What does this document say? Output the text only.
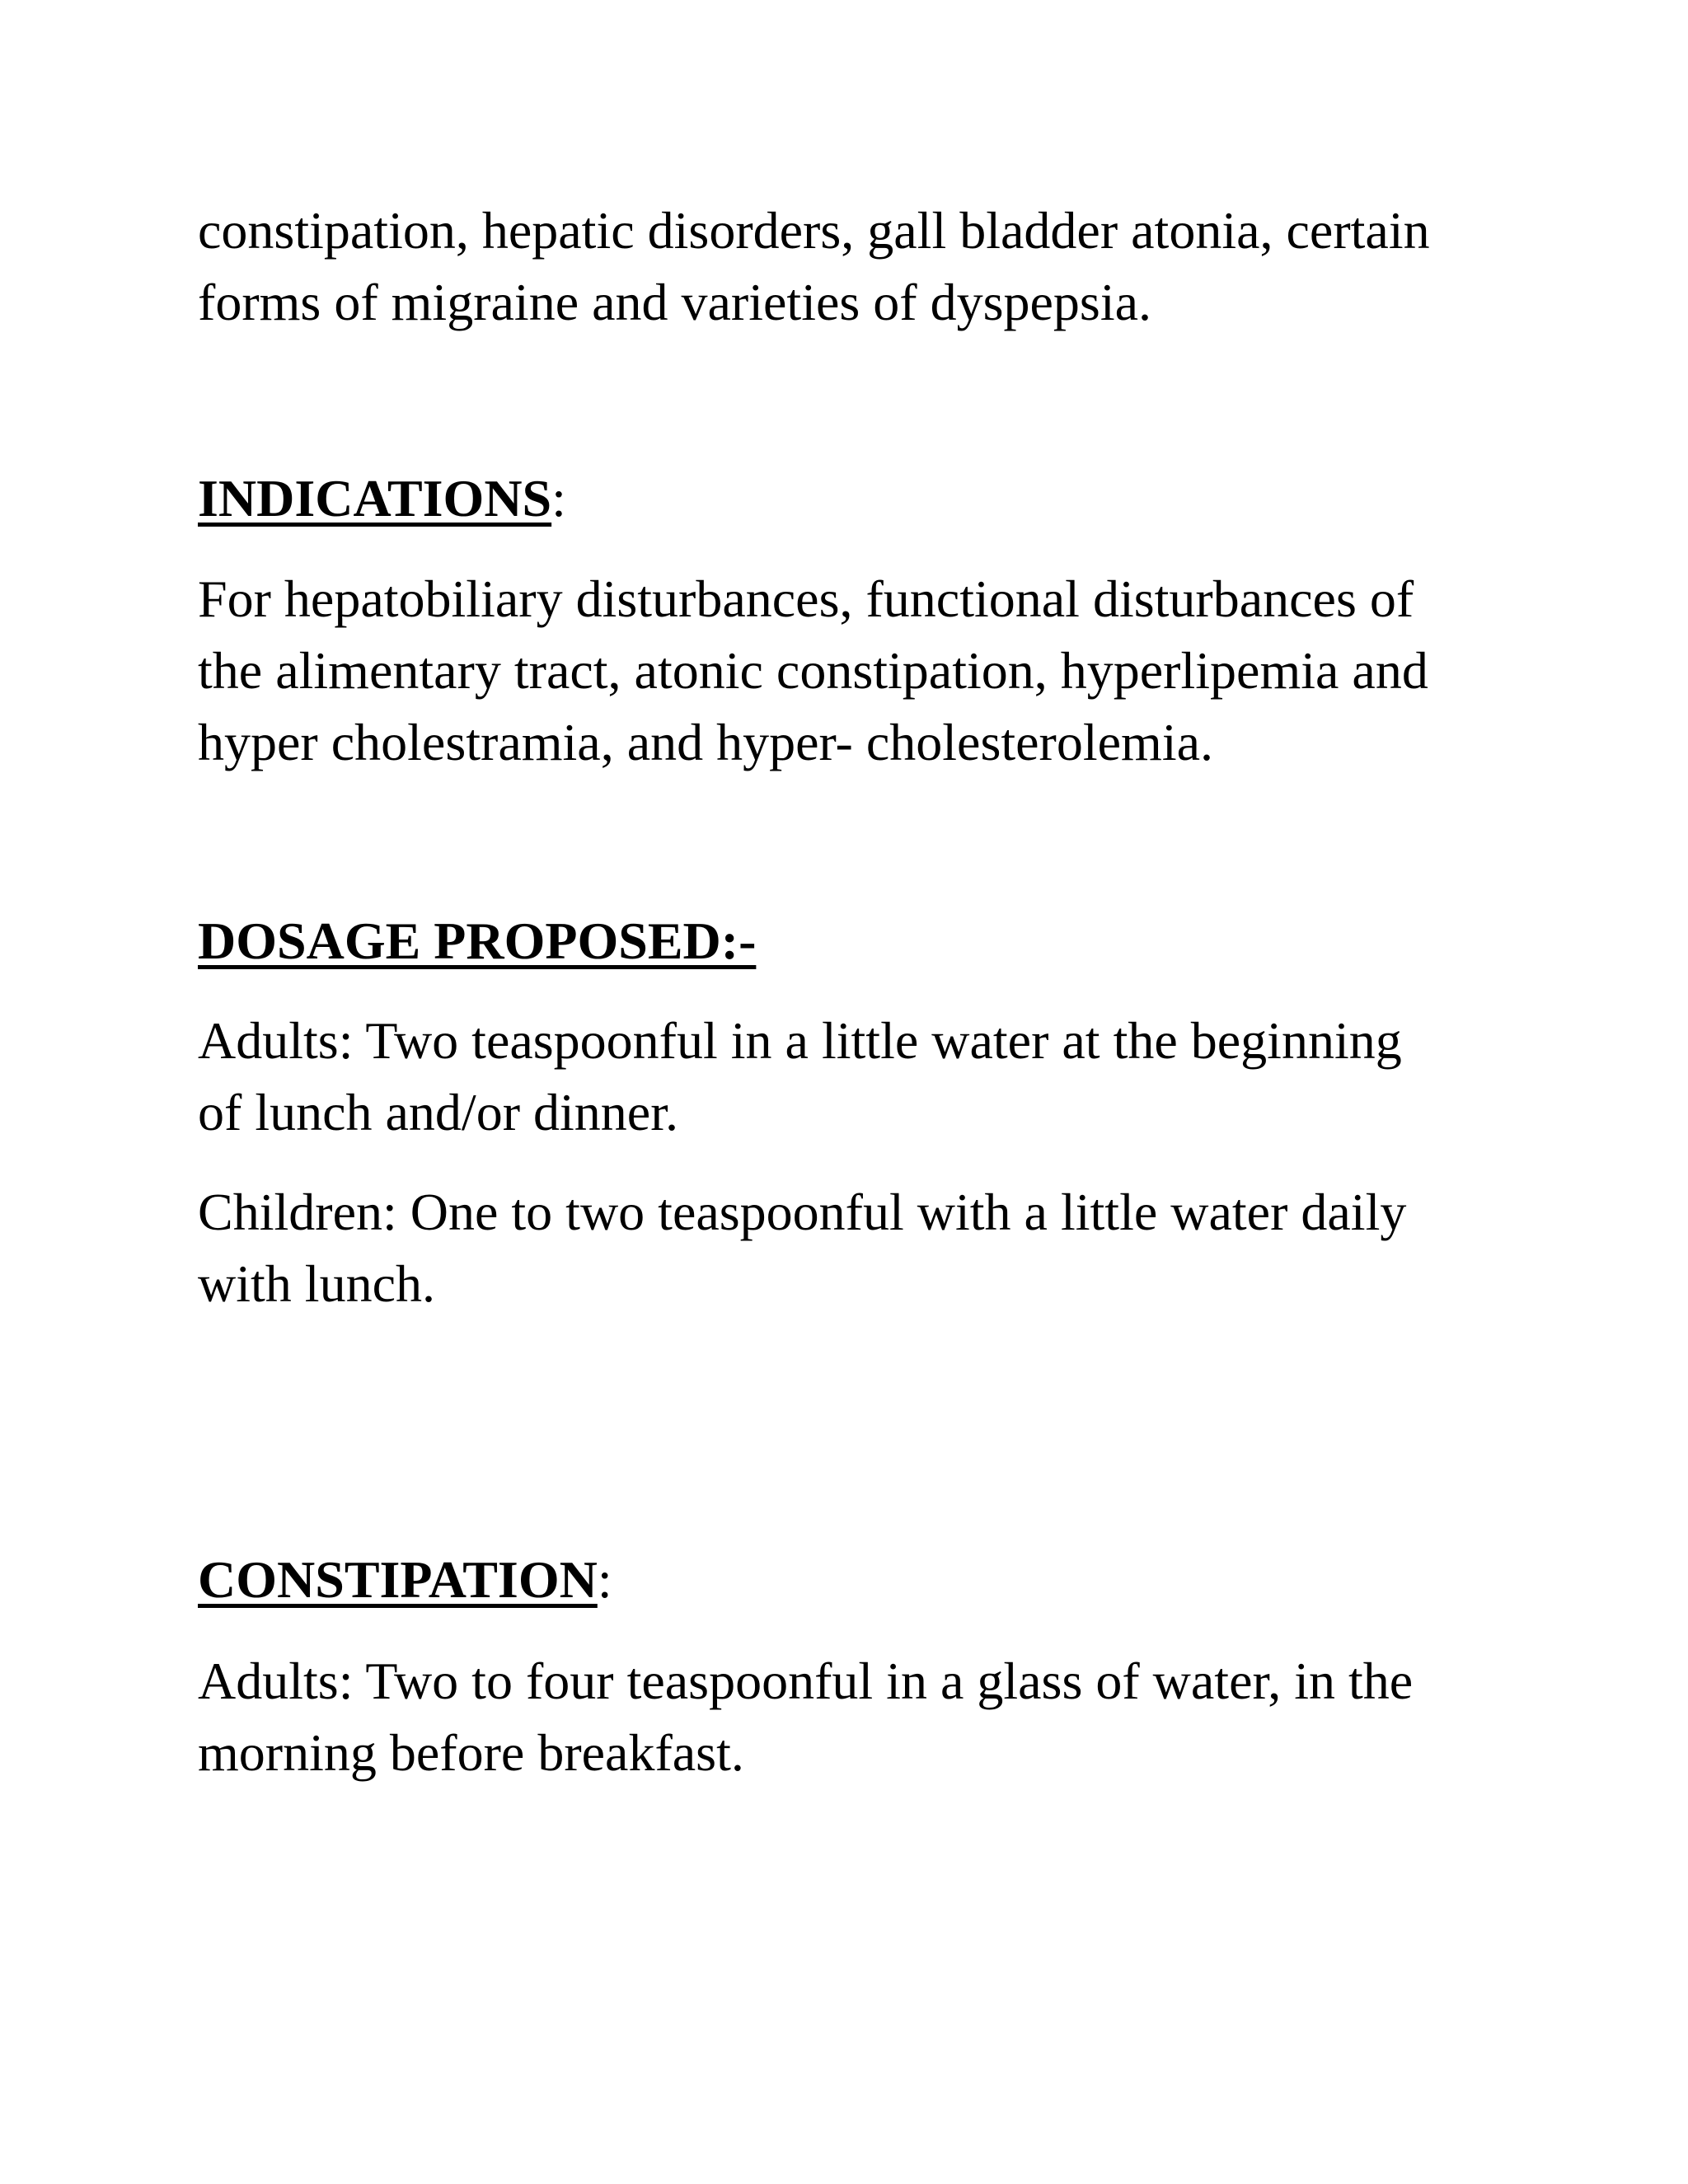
constipation, hepatic disorders, gall bladder atonia, certain
forms of migraine and varieties of dyspepsia.

INDICATIONS:

For hepatobiliary disturbances, functional disturbances of
the alimentary tract, atonic constipation, hyperlipemia and
hyper cholestramia, and hyper- cholesterolemia.

DOSAGE PROPOSED:-

Adults: Two teaspoonful in a little water at the beginning
of lunch and/or dinner.

Children: One to two teaspoonful with a little water daily
with lunch.

CONSTIPATION:

Adults: Two to four teaspoonful in a glass of water, in the
morning before breakfast.
